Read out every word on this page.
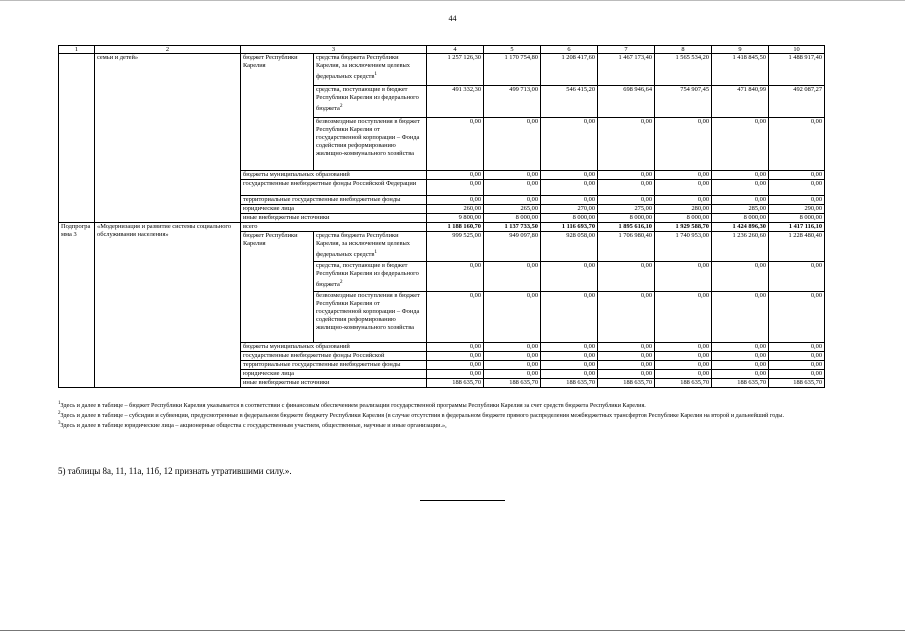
44
1	2	3		4	5	6	7	8	9	10
	семьи и детей»	бюджет Республики Карелия	средства бюджета Республики Карелия, за исключением целевых федеральных средств$^1$	1 257 126,30	1 170 754,80	1 208 417,60	1 467 173,40	1 565 534,20	1 418 845,50	1 488 917,40
			средства, поступающие в бюджет Республики Карелия из федерального бюджета$^2$	491 332,30	499 713,00	546 415,20	698 946,64	754 907,45	471 840,99	492 087,27
			безвозмездные поступления в бюджет Республики Карелия от государственной корпорации – Фонда содействия реформированию жилищно-коммунального хозяйства	0,00	0,00	0,00	0,00	0,00	0,00	0,00
		бюджеты муниципальных образований		0,00	0,00	0,00	0,00	0,00	0,00	0,00
		государственные внебюджетные фонды Российской Федерации		0,00	0,00	0,00	0,00	0,00	0,00	0,00
		территориальные государственные внебюджетные фонды		0,00	0,00	0,00	0,00	0,00	0,00	0,00
		юридические лица		260,00	265,00	270,00	275,00	280,00	285,00	290,00
		иные внебюджетные источники		9 800,00	8 000,00	8 000,00	8 000,00	8 000,00	8 000,00	8 000,00
Подпрограмма 3	«Модернизация и развитие системы социального обслуживания населения»	всего		1 188 160,70	1 137 733,50	1 116 693,70	1 895 616,10	1 929 588,70	1 424 896,30	1 417 116,10
		бюджет Республики Карелия	средства бюджета Республики Карелия, за исключением целевых федеральных средств$^1$	999 525,00	949 097,80	928 058,00	1 706 980,40	1 740 953,00	1 236 260,60	1 228 480,40
			средства, поступающие в бюджет Республики Карелия из федерального бюджета$^2$	0,00	0,00	0,00	0,00	0,00	0,00	0,00
			безвозмездные поступления в бюджет Республики Карелия от государственной корпорации – Фонда содействия реформированию жилищно-коммунального хозяйства	0,00	0,00	0,00	0,00	0,00	0,00	0,00
		бюджеты муниципальных образований		0,00	0,00	0,00	0,00	0,00	0,00	0,00
		государственные внебюджетные фонды Российской		0,00	0,00	0,00	0,00	0,00	0,00	0,00
		территориальные государственные внебюджетные фонды		0,00	0,00	0,00	0,00	0,00	0,00	0,00
		юридические лица		0,00	0,00	0,00	0,00	0,00	0,00	0,00
		иные внебюджетные источники		188 635,70	188 635,70	188 635,70	188 635,70	188 635,70	188 635,70	188 635,70

$^1$Здесь и далее в таблице – бюджет Республики Карелия указывается в соответствии с финансовым обеспечением реализации государственной программы Республики Карелия за счет средств бюджета Республики Карелия.

$^2$Здесь и далее в таблице – субсидии и субвенции, предусмотренные в федеральном бюджете бюджету Республики Карелия (в случае отсутствия в федеральном бюджете прямого распределения межбюджетных трансфертов Республике Карелия на второй и дальнейший годы.

$^3$Здесь и далее в таблице юридические лица – акционерные общества с государственным участием, общественные, научные и иные организации.»,

5) таблицы 8а, 11, 11а, 11б, 12 признать утратившими силу.».
